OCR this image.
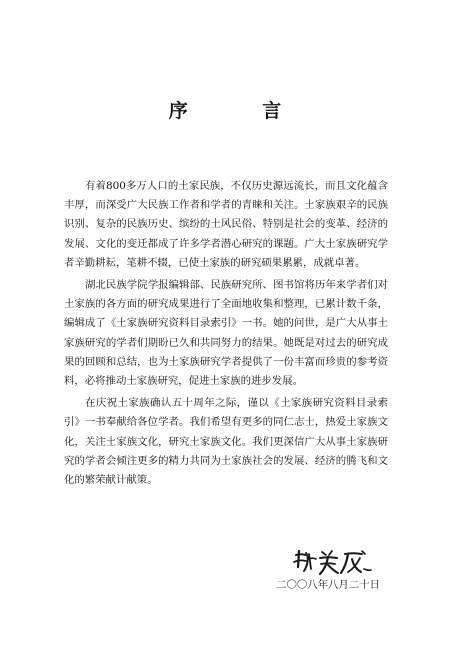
序 言

有着800多万人口的土家民族，不仅历史源远流长，而且文化蕴含丰厚，而深受广大民族工作者和学者的青睐和关注。土家族艰辛的民族识别、复杂的民族历史、缤纷的土风民俗、特别是社会的变革、经济的发展、文化的变迁都成了许多学者潜心研究的课题。广大土家族研究学者辛勤耕耘，笔耕不辍，已使土家族的研究硕果累累，成就卓著。

湖北民族学院学报编辑部、民族研究所、图书馆将历年来学者们对土家族的各方面的研究成果进行了全面地收集和整理，已累计数千条，编辑成了《土家族研究资料目录索引》一书。她的问世，是广大从事土家族研究的学者们期盼已久和共同努力的结果。她既是对过去的研究成果的回顾和总结，也为土家族研究学者提供了一份丰富而珍贵的参考资料，必将推动土家族研究，促进土家族的进步发展。

在庆祝土家族确认五十周年之际，谨以《土家族研究资料目录索引》一书奉献给各位学者。我们希望有更多的同仁志士，热爱土家族文化，关注土家族文化，研究土家族文化。我们更深信广大从事土家族研究的学者会倾注更多的精力共同为土家族社会的发展、经济的腾飞和文化的繁荣献计献策。

二〇〇八年八月二十日
